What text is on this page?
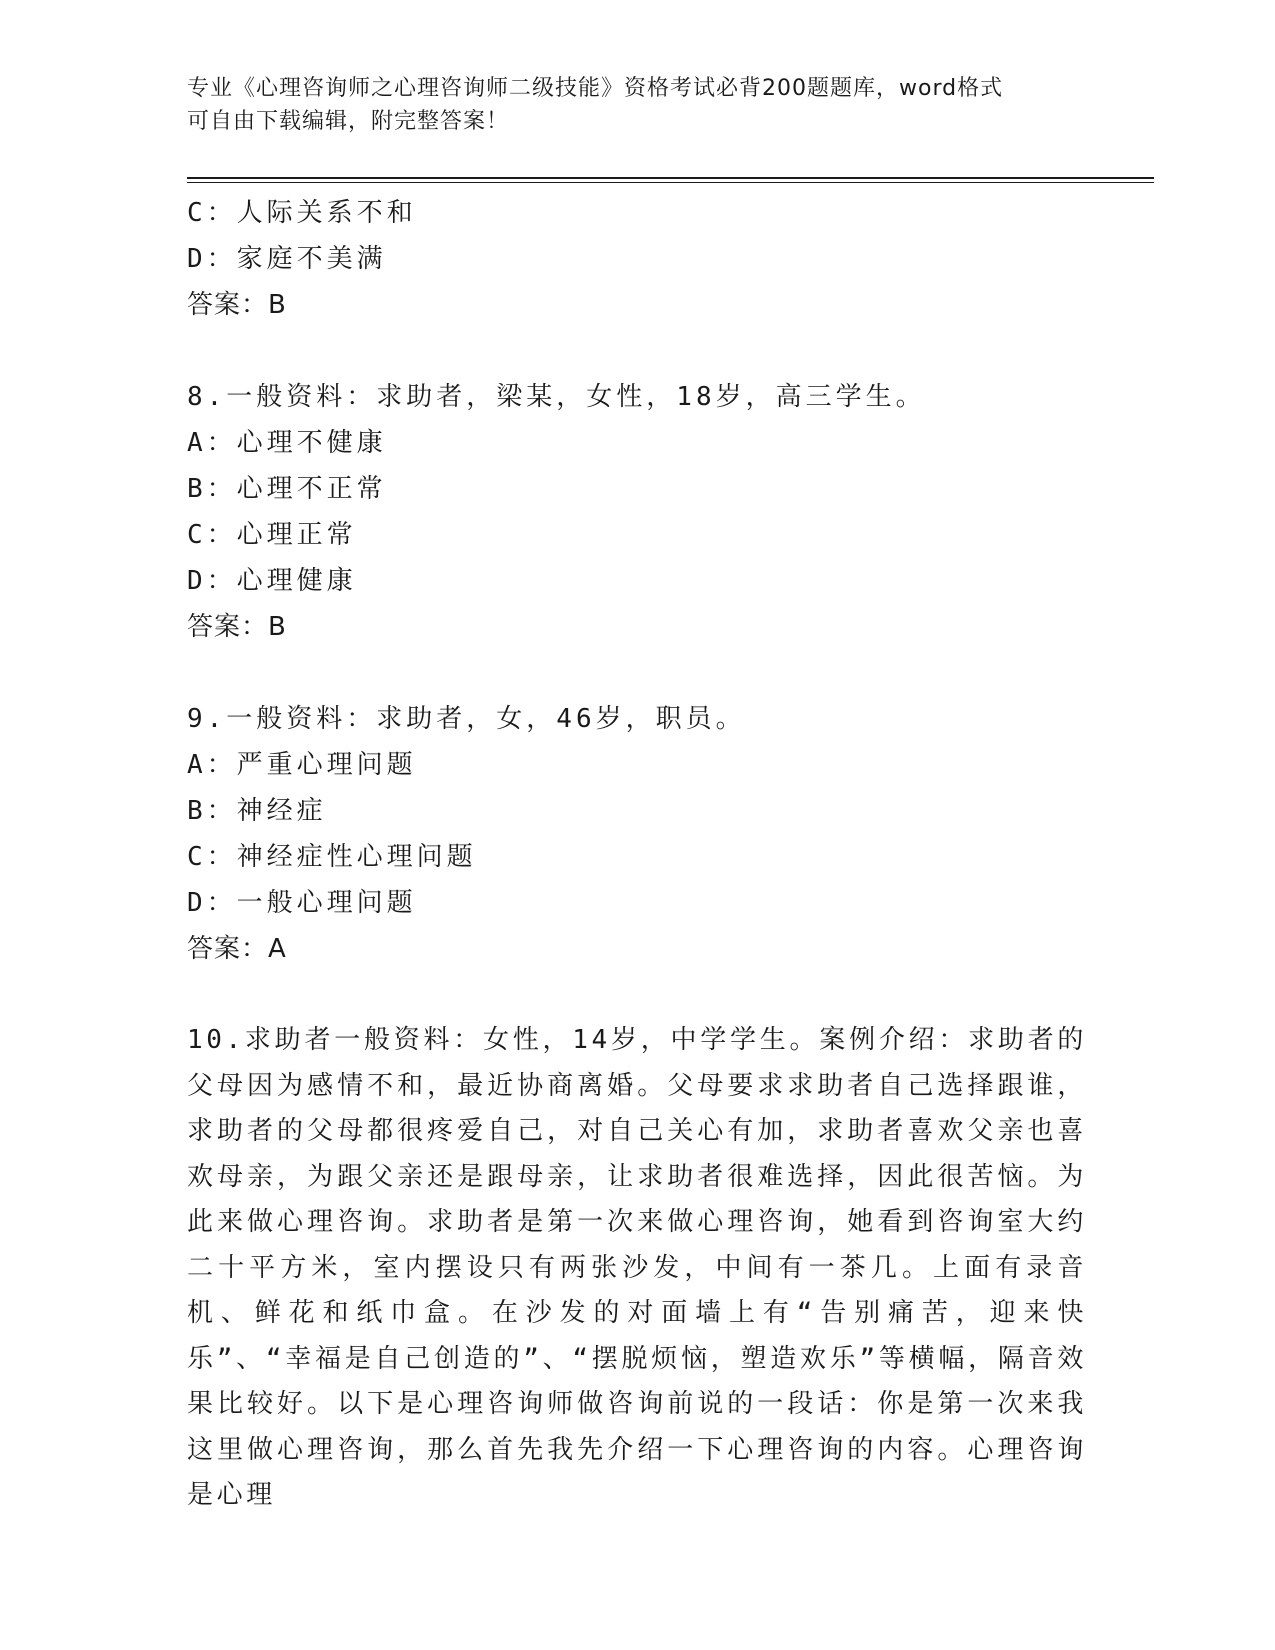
专业《心理咨询师之心理咨询师二级技能》资格考试必背200题题库，word格式
可自由下载编辑，附完整答案！
C：人际关系不和
D：家庭不美满
答案：B
8.一般资料：求助者，梁某，女性，18岁，高三学生。
A：心理不健康
B：心理不正常
C：心理正常
D：心理健康
答案：B
9.一般资料：求助者，女，46岁，职员。
A：严重心理问题
B：神经症
C：神经症性心理问题
D：一般心理问题
答案：A
10.求助者一般资料：女性，14岁，中学学生。案例介绍：求助者的父母因为感情不和，最近协商离婚。父母要求求助者自己选择跟谁，求助者的父母都很疼爱自己，对自己关心有加，求助者喜欢父亲也喜欢母亲，为跟父亲还是跟母亲，让求助者很难选择，因此很苦恼。为此来做心理咨询。求助者是第一次来做心理咨询，她看到咨询室大约二十平方米，室内摆设只有两张沙发，中间有一茶几。上面有录音机、鲜花和纸巾盒。在沙发的对面墙上有“告别痛苦，迎来快乐”、“幸福是自己创造的”、“摆脱烦恼，塑造欢乐”等横幅，隔音效果比较好。以下是心理咨询师做咨询前说的一段话：你是第一次来我这里做心理咨询，那么首先我先介绍一下心理咨询的内容。心理咨询是心理
